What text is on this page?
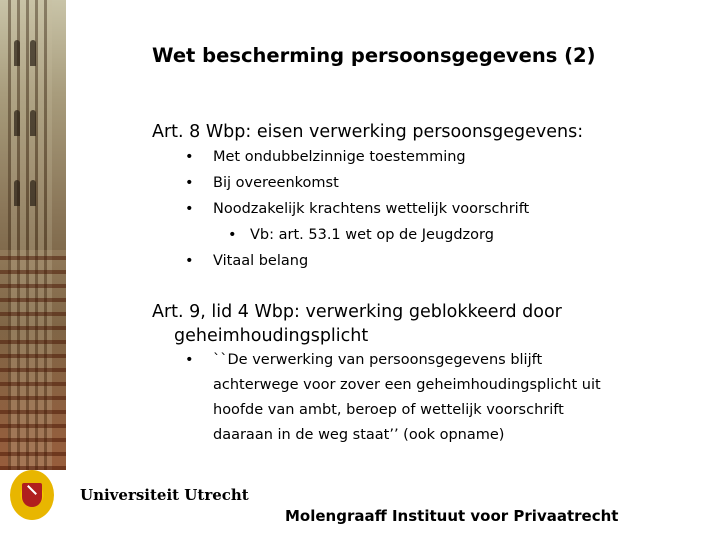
Wet bescherming persoonsgegevens (2)

Art. 8 Wbp: eisen verwerking persoonsgegevens:

• Met ondubbelzinnige toestemming
• Bij overeenkomst
• Noodzakelijk krachtens wettelijk voorschrift
• Vb: art. 53.1 wet op de Jeugdzorg
• Vitaal belang

Art. 9, lid 4 Wbp: verwerking geblokkeerd door

geheimhoudingsplicht

• ``De verwerking van persoonsgegevens blijft
achterwege voor zover een geheimhoudingsplicht uit
hoofde van ambt, beroep of wettelijk voorschrift
daaraan in de weg staat’’ (ook opname)
Universiteit Utrecht
Molengraaff Instituut voor Privaatrecht
